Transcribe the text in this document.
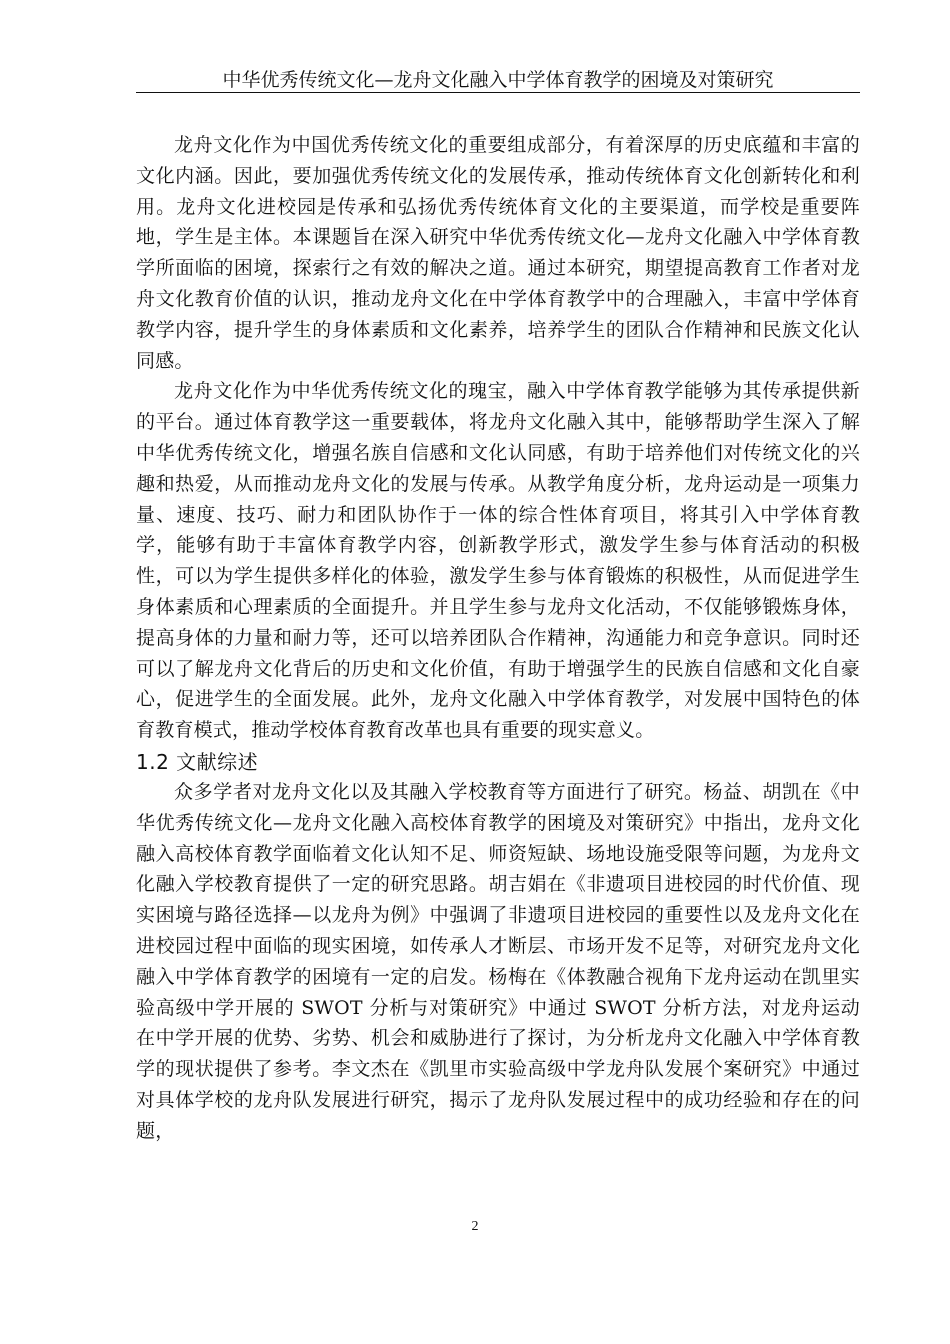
中华优秀传统文化—龙舟文化融入中学体育教学的困境及对策研究

龙舟文化作为中国优秀传统文化的重要组成部分，有着深厚的历史底蕴和丰富的文化内涵。因此，要加强优秀传统文化的发展传承，推动传统体育文化创新转化和利用。龙舟文化进校园是传承和弘扬优秀传统体育文化的主要渠道，而学校是重要阵地，学生是主体。本课题旨在深入研究中华优秀传统文化—龙舟文化融入中学体育教学所面临的困境，探索行之有效的解决之道。通过本研究，期望提高教育工作者对龙舟文化教育价值的认识，推动龙舟文化在中学体育教学中的合理融入，丰富中学体育教学内容，提升学生的身体素质和文化素养，培养学生的团队合作精神和民族文化认同感。

龙舟文化作为中华优秀传统文化的瑰宝，融入中学体育教学能够为其传承提供新的平台。通过体育教学这一重要载体，将龙舟文化融入其中，能够帮助学生深入了解中华优秀传统文化，增强名族自信感和文化认同感，有助于培养他们对传统文化的兴趣和热爱，从而推动龙舟文化的发展与传承。从教学角度分析，龙舟运动是一项集力量、速度、技巧、耐力和团队协作于一体的综合性体育项目，将其引入中学体育教学，能够有助于丰富体育教学内容，创新教学形式，激发学生参与体育活动的积极性，可以为学生提供多样化的体验，激发学生参与体育锻炼的积极性，从而促进学生身体素质和心理素质的全面提升。并且学生参与龙舟文化活动，不仅能够锻炼身体，提高身体的力量和耐力等，还可以培养团队合作精神，沟通能力和竞争意识。同时还可以了解龙舟文化背后的历史和文化价值，有助于增强学生的民族自信感和文化自豪心，促进学生的全面发展。此外，龙舟文化融入中学体育教学，对发展中国特色的体育教育模式，推动学校体育教育改革也具有重要的现实意义。

1.2 文献综述

众多学者对龙舟文化以及其融入学校教育等方面进行了研究。杨益、胡凯在《中华优秀传统文化—龙舟文化融入高校体育教学的困境及对策研究》中指出，龙舟文化融入高校体育教学面临着文化认知不足、师资短缺、场地设施受限等问题，为龙舟文化融入学校教育提供了一定的研究思路。胡吉娟在《非遗项目进校园的时代价值、现实困境与路径选择—以龙舟为例》中强调了非遗项目进校园的重要性以及龙舟文化在进校园过程中面临的现实困境，如传承人才断层、市场开发不足等，对研究龙舟文化融入中学体育教学的困境有一定的启发。杨梅在《体教融合视角下龙舟运动在凯里实验高级中学开展的 SWOT 分析与对策研究》中通过 SWOT 分析方法，对龙舟运动在中学开展的优势、劣势、机会和威胁进行了探讨，为分析龙舟文化融入中学体育教学的现状提供了参考。李文杰在《凯里市实验高级中学龙舟队发展个案研究》中通过对具体学校的龙舟队发展进行研究，揭示了龙舟队发展过程中的成功经验和存在的问题，

2
